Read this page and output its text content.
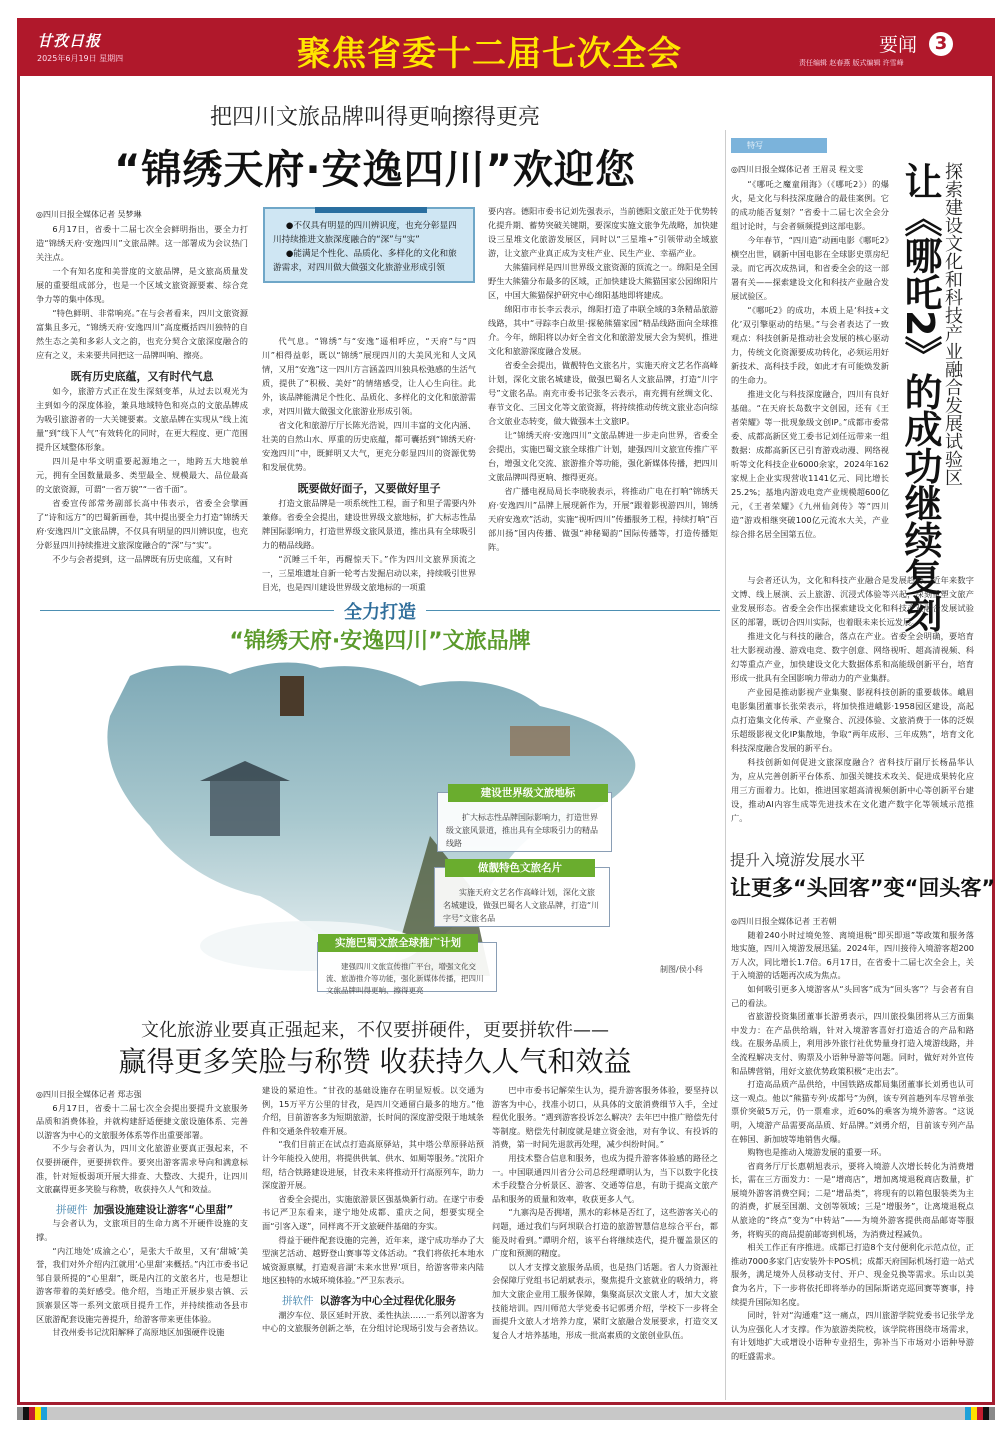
甘孜日报
2025年6月19日 星期四	聚焦省委十二届七次全会	要闻 3
责任编辑 赵春燕 版式编辑 许雪峰
把四川文旅品牌叫得更响擦得更亮
“锦绣天府·安逸四川”欢迎您

◎四川日报全媒体记者 吴梦琳

6月17日，省委十二届七次全会鲜明指出，要全力打造“锦绣天府·安逸四川”文旅品牌。这一部署成为会议热门关注点。

一个有知名度和美誉度的文旅品牌，是文旅高质量发展的重要组成部分，也是一个区域文旅资源要素、综合竞争力等的集中体现。

“特色鲜明、非常响亮。”在与会者看来，四川文旅资源富集且多元，“锦绣天府·安逸四川”高度概括四川独特的自然生态之美和多彩人文之韵，也充分契合文旅深度融合的应有之义，未来要共同把这一品牌叫响、擦亮。

既有历史底蕴，又有时代气息

如今，旅游方式正在发生深刻变革，从过去以观光为主到如今的深度体验，兼具地域特色和亮点的文旅品牌成为吸引旅游者的一大关键要素。文旅品牌在实现从“线上流量”到“线下人气”有效转化的同时，在更大程度、更广范围提升区域整体形象。

四川是中华文明重要起源地之一，地跨五大地貌单元，拥有全国数量最多、类型最全、规模最大、品位最高的文旅资源，可谓“一省万貌”“一省千面”。

省委宣传部常务副部长高中伟表示，省委全会擘画了“诗和远方”的巴蜀新画卷，其中提出要全力打造“锦绣天府·安逸四川”文旅品牌，不仅具有明显的四川辨识度，也充分彰显四川持续推进文旅深度融合的“深”与“实”。

不少与会者提到，这一品牌既有历史底蕴，又有时

●不仅具有明显的四川辨识度，也充分彰显四川持续推进文旅深度融合的“深”与“实”

●能满足个性化、品质化、多样化的文化和旅游需求，对四川做大做强文化旅游业形成引领

代气息。“锦绣”与“安逸”遥相呼应，“天府”与“四川”相得益彰，既以“锦绣”展现四川的大美风光和人文风情，又用“安逸”这一四川方言涵盖四川独具松弛感的生活气质，提供了“积极、美好”的情绪感受，让人心生向往。此外，该品牌能满足个性化、品质化、多样化的文化和旅游需求，对四川做大做强文化旅游业形成引领。

省文化和旅游厅厅长陈光浩说，四川丰富的文化内涵、壮美的自然山水、厚重的历史底蕴，都可囊括到“锦绣天府·安逸四川”中，既鲜明又大气，更充分彰显四川的资源优势和发展优势。

既要做好面子，又要做好里子

打造文旅品牌是一项系统性工程，面子和里子需要内外兼修。省委全会提出，建设世界级文旅地标，扩大标志性品牌国际影响力，打造世界级文旅风景道，推出具有全球吸引力的精品线路。

“沉睡三千年，再醒惊天下。”作为四川文旅界顶流之一，三星堆遗址自新一轮考古发掘启动以来，持续吸引世界目光，也是四川建设世界级文旅地标的一项重

要内容。德阳市委书记刘先强表示，当前德阳文旅正处于优势转化提升期、蓄势突破关键期，要深度实施文旅争先战略，加快建设三星堆文化旅游发展区，同时以“三星堆+”引领带动全域旅游，让文旅产业真正成为支柱产业、民生产业、幸福产业。

大熊猫同样是四川世界级文旅资源的顶流之一。绵阳是全国野生大熊猫分布最多的区域，正加快建设大熊猫国家公园绵阳片区，中国大熊猫保护研究中心绵阳基地即将建成。

绵阳市市长李云表示，绵阳打造了串联全域的3条精品旅游线路，其中“寻踪李白故里·探秘熊猫家园”精品线路面向全球推介。今年，绵阳将以办好全省文化和旅游发展大会为契机，推进文化和旅游深度融合发展。

省委全会提出，做靓特色文旅名片，实施天府文艺名作高峰计划，深化文旅名城建设，做强巴蜀名人文旅品牌，打造“川字号”文旅名品。南充市委书记张冬云表示，南充拥有丝绸文化、春节文化、三国文化等文旅资源，将持续推动传统文旅业态向综合文旅业态转变，做大做强本土文旅IP。

让“锦绣天府·安逸四川”文旅品牌进一步走向世界，省委全会提出，实施巴蜀文旅全球推广计划，建强四川文旅宣传推广平台，增强文化交流、旅游推介等功能，强化新媒体传播，把四川文旅品牌叫得更响、擦得更亮。

省广播电视局局长李晓骏表示，将推动广电在打响“锦绣天府·安逸四川”品牌上展现新作为，开展“跟着影视游四川，锦绣天府安逸欢”活动，实施“视听四川”传播服务工程，持续打响“百部川扬”国内传播、做强“神秘蜀韵”国际传播等，打造传播矩阵。

特写
探索建设文化和科技产业融合发展试验区
让《哪吒2》的成功继续复刻

◎四川日报全媒体记者 王眉灵 程文雯

“《哪吒之魔童闹海》（《哪吒2》）的爆火，是文化与科技深度融合的最佳案例。它的成功能否复刻？”省委十二届七次全会分组讨论时，与会者频频提到这部电影。

今年春节，“四川造”动画电影《哪吒2》横空出世，刷新中国电影在全球影史票房纪录。而它再次成热词，和省委全会的这一部署有关——探索建设文化和科技产业融合发展试验区。

“《哪吒2》的成功，本质上是‘科技+文化’双引擎驱动的结果。”与会者表达了一致观点：科技创新是推动社会发展的核心驱动力，传统文化资源要成功转化，必须运用好新技术、高科技手段，如此才有可能焕发新的生命力。

推进文化与科技深度融合，四川有良好基础。“在天府长岛数字文创园，还有《王者荣耀》等一批现象级文创IP。”成都市委常委、成都高新区党工委书记刘任远带来一组数据：成都高新区已引育游戏动漫、网络视听等文化科技企业6000余家，2024年162家规上企业实现营收1141亿元、同比增长25.2%；基地内游戏电竞产业规模超600亿元，《王者荣耀》《九州仙剑传》等“四川造”游戏相继突破100亿元流水大关，产业综合排名居全国第五位。

与会者还认为，文化和科技产业融合是发展趋势。近年来数字文博、线上展演、云上旅游、沉浸式体验等兴起，深刻重塑文旅产业发展形态。省委全会作出探索建设文化和科技产业融合发展试验区的部署，既切合四川实际，也着眼未来长远发展。

推进文化与科技的融合，落点在产业。省委全会明确，要培育壮大影视动漫、游戏电竞、数字创意、网络视听、超高清视频、科幻等重点产业，加快建设文化大数据体系和高能级创新平台，培育形成一批具有全国影响力带动力的产业集群。

产业园是推动影视产业集聚、影视科技创新的重要载体。峨眉电影集团董事长张荣表示，将加快推进峨影·1958园区建设，高起点打造集文化传承、产业聚合、沉浸体验、文旅消费于一体的泛娱乐超级影视文化IP集散地，争取“两年成形、三年成熟”，培育文化科技深度融合发展的新平台。

科技创新如何促进文旅深度融合？省科技厅副厅长杨晶华认为，应从完善创新平台体系、加强关键技术攻关、促进成果转化应用三方面着力。比如，推进国家超高清视频创新中心等创新平台建设，推动AI内容生成等先进技术在文化遗产数字化等领域示范推广。

提升入境游发展水平
让更多“头回客”变“回头客”

◎四川日报全媒体记者 王若朝

随着240小时过境免签、离境退税“即买即退”等政策和服务落地实施，四川入境游发展迅猛。2024年，四川接待入境游客超200万人次，同比增长1.7倍。6月17日，在省委十二届七次全会上，关于入境游的话题再次成为焦点。

如何吸引更多入境游客从“头回客”成为“回头客”？与会者有自己的看法。

省旅游投资集团董事长游勇表示，四川旅投集团将从三方面集中发力：在产品供给端，针对入境游客喜好打造适合的产品和路线。在服务品质上，利用涉外旅行社优势量身打造入境游线路，并全流程解决支付、购票及小语种导游等问题。同时，做好对外宣传和品牌营销，用好文旅优势政策积极“走出去”。

打造高品质产品供给，中国铁路成都局集团董事长刘勇也认可这一观点。他以“熊猫专列·成都号”为例，该专列首趟列车尽管单张票价突破5万元，仍一票难求，近60%的乘客为境外游客。“这说明，入境游产品需要高品质、好品牌。”刘勇介绍，目前该专列产品在韩国、新加坡等地销售火爆。

购物也是推动入境游发展的重要一环。

省商务厅厅长惠朝旭表示，要将入境游人次增长转化为消费增长，需在三方面发力：一是“增商店”，增加离境退税商店数量，扩展境外游客消费空间；二是“增品类”，将现有的以箱包服装类为主的消费，扩展至国潮、文创等领域；三是“增服务”，让离境退税点从旅途的“终点”变为“中转站”——为境外游客提供商品邮寄等服务，将购买的商品提前邮寄到机场，为消费过程减负。

相关工作正有序推进。成都已打造8个支付便利化示范点位，正推动7000多家门店安装外卡POS机；成都天府国际机场打造一站式服务，满足境外人员移动支付、开户、现金兑换等需求。乐山以美食为名片，下一步将依托即将举办的国际斯诺克巡回赛等赛事，持续提升国际知名度。

同时，针对“沟通难”这一痛点，四川旅游学院党委书记张学龙认为应强化人才支撑。作为旅游类院校，该学院将围绕市场需求，有计划地扩大或增设小语种专业招生，弥补当下市场对小语种导游的旺盛需求。

全力打造
“锦绣天府·安逸四川”文旅品牌
建设世界级文旅地标

扩大标志性品牌国际影响力，打造世界级文旅风景道，推出具有全球吸引力的精品线路

做靓特色文旅名片

实施天府文艺名作高峰计划，深化文旅名城建设，做强巴蜀名人文旅品牌，打造“川字号”文旅名品

实施巴蜀文旅全球推广计划

建强四川文旅宣传推广平台，增强文化交流、旅游推介等功能，强化新媒体传播，把四川文旅品牌叫得更响、擦得更亮

制图/侯小科
文化旅游业要真正强起来，不仅要拼硬件，更要拼软件——
赢得更多笑脸与称赞 收获持久人气和效益

◎四川日报全媒体记者 郑志强

6月17日，省委十二届七次全会提出要提升文旅服务品质和消费体验，并就构建舒适便捷文旅设施体系、完善以游客为中心的文旅服务体系等作出重要部署。

不少与会者认为，四川文化旅游业要真正强起来，不仅要拼硬件，更要拼软件。要突出游客需求导向和满意标准，针对短板弱项开展大排查、大整改、大提升，让四川文旅赢得更多笑脸与称赞，收获持久人气和效益。

拼硬件 加强设施建设让游客“心里甜”

与会者认为，文旅项目的生命力离不开硬件设施的支撑。

“内江地处‘成渝之心’，是张大千故里，又有‘甜城’美誉，我们对外介绍内江就用‘心里甜’来概括。”内江市委书记邹自景所提的“心里甜”，既是内江的文旅名片，也是想让游客带着的美好感受。他介绍，当地正开展步泉古镇、云顶寨景区等一系列文旅项目提升工作，并持续推动各县市区旅游配套设施完善提升，给游客带来更佳体验。

甘孜州委书记沈阳解释了高原地区加强硬件设施

建设的紧迫性。“甘孜的基础设施存在明显短板。以交通为例，15万平方公里的甘孜，是四川交通留白最多的地方。”他介绍，目前游客多为短期旅游，长时间的深度游受限于地域条件和交通条件较难开展。

“我们目前正在试点打造高原驿站，其中塔公草原驿站预计今年能投入使用，将提供供氧、供水、如厕等服务。”沈阳介绍，结合铁路建设进展，甘孜未来将推动开行高原列车，助力深度游开展。

省委全会提出，实施旅游景区强基焕新行动。在遂宁市委书记严卫东看来，遂宁地处成都、重庆之间，想要实现全面“引客入遂”，同样离不开文旅硬件基础的夯实。

得益于硬件配套设施的完善，近年来，遂宁成功举办了大型演艺活动、越野登山赛事等文体活动。“我们将依托本地水城资源禀赋，打造观音湖‘未来水世界’项目，给游客带来内陆地区独特的水城环境体验。”严卫东表示。

拼软件 以游客为中心全过程优化服务

潮汐车位、景区延时开放、柔性执法……一系列以游客为中心的文旅服务创新之举，在分组讨论现场引发与会者热议。

巴中市委书记解荣生认为，提升游客服务体验，要坚持以游客为中心，找准小切口，从具体的文旅消费细节入手，全过程优化服务。“遇到游客投诉怎么解决？去年巴中推广赔偿先付等制度。赔偿先付制度就是建立资金池，对有争议、有投诉的消费，第一时间先退款再处理，减少纠纷时间。”

用技术整合信息和服务，也成为提升游客体验感的路径之一。中国联通四川省分公司总经理谭明认为，当下以数字化技术手段整合分析景区、游客、交通等信息，有助于提高文旅产品和服务的质量和效率，收获更多人气。

“九寨沟是否拥堵，黑水的彩林是否红了，这些游客关心的问题，通过我们与阿坝联合打造的旅游智慧信息综合平台，都能及时看到。”谭明介绍，该平台将继续迭代，提升覆盖景区的广度和预测的精度。

以人才支撑文旅服务品质，也是热门话题。省人力资源社会保障厅党组书记胡斌表示，聚焦提升文旅就业的吸纳力，将加大文旅企业用工服务保障，集聚高层次文旅人才，加大文旅技能培训。四川师范大学党委书记郭勇介绍，学校下一步将全面提升文旅人才培养力度，紧盯文旅融合发展要求，打造交叉复合人才培养基地，形成一批高素质的文旅创业队伍。
